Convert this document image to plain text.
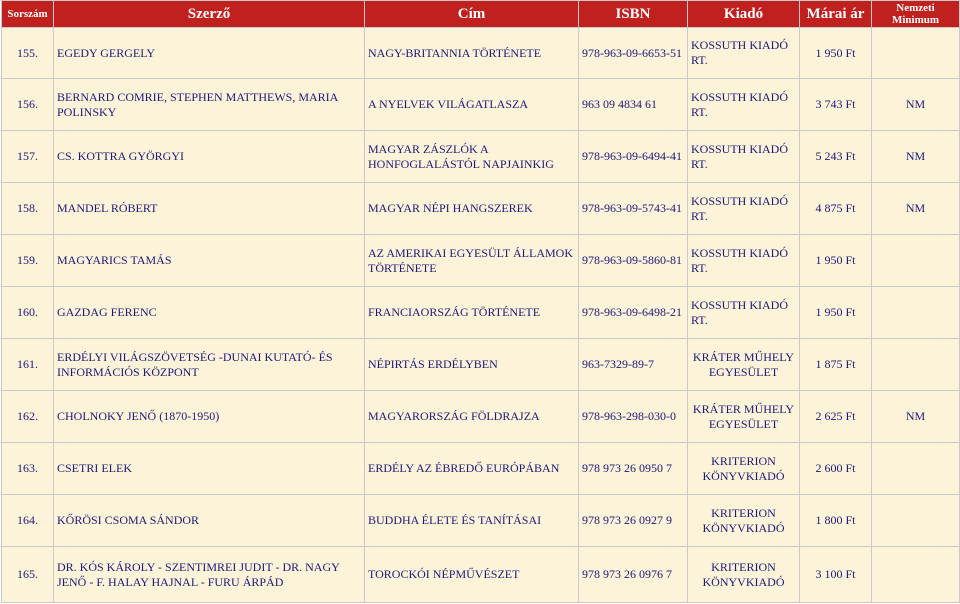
Sorszám	Szerző	Cím	ISBN	Kiadó	Márai ár	Nemzeti Minimum
155.	EGEDY GERGELY	NAGY-BRITANNIA TÖRTÉNETE	978-963-09-6653-51	KOSSUTH KIADÓ RT.	1 950 Ft	
156.	BERNARD COMRIE, STEPHEN MATTHEWS, MARIA POLINSKY	A NYELVEK VILÁGATLASZA	963 09 4834 61	KOSSUTH KIADÓ RT.	3 743 Ft	NM
157.	CS. KOTTRA GYÖRGYI	MAGYAR ZÁSZLÓK A HONFOGLALÁSTÓL NAPJAINKIG	978-963-09-6494-41	KOSSUTH KIADÓ RT.	5 243 Ft	NM
158.	MANDEL RÓBERT	MAGYAR NÉPI HANGSZEREK	978-963-09-5743-41	KOSSUTH KIADÓ RT.	4 875 Ft	NM
159.	MAGYARICS TAMÁS	AZ AMERIKAI EGYESÜLT ÁLLAMOK TÖRTÉNETE	978-963-09-5860-81	KOSSUTH KIADÓ RT.	1 950 Ft	
160.	GAZDAG FERENC	FRANCIAORSZÁG TÖRTÉNETE	978-963-09-6498-21	KOSSUTH KIADÓ RT.	1 950 Ft	
161.	ERDÉLYI VILÁGSZÖVETSÉG -DUNAI KUTATÓ- ÉS INFORMÁCIÓS KÖZPONT	NÉPIRTÁS ERDÉLYBEN	963-7329-89-7	KRÁTER MŰHELY EGYESÜLET	1 875 Ft	
162.	CHOLNOKY JENŐ (1870-1950)	MAGYARORSZÁG FÖLDRAJZA	978-963-298-030-0	KRÁTER MŰHELY EGYESÜLET	2 625 Ft	NM
163.	CSETRI ELEK	ERDÉLY AZ ÉBREDŐ EURÓPÁBAN	978 973 26 0950 7	KRITERION KÖNYVKIADÓ	2 600 Ft	
164.	KŐRÖSI CSOMA SÁNDOR	BUDDHA ÉLETE ÉS TANÍTÁSAI	978 973 26 0927 9	KRITERION KÖNYVKIADÓ	1 800 Ft	
165.	DR. KÓS KÁROLY - SZENTIMREI JUDIT - DR. NAGY JENŐ - F. HALAY HAJNAL - FURU ÁRPÁD	TOROCKÓI NÉPMŰVÉSZET	978 973 26 0976 7	KRITERION KÖNYVKIADÓ	3 100 Ft	
